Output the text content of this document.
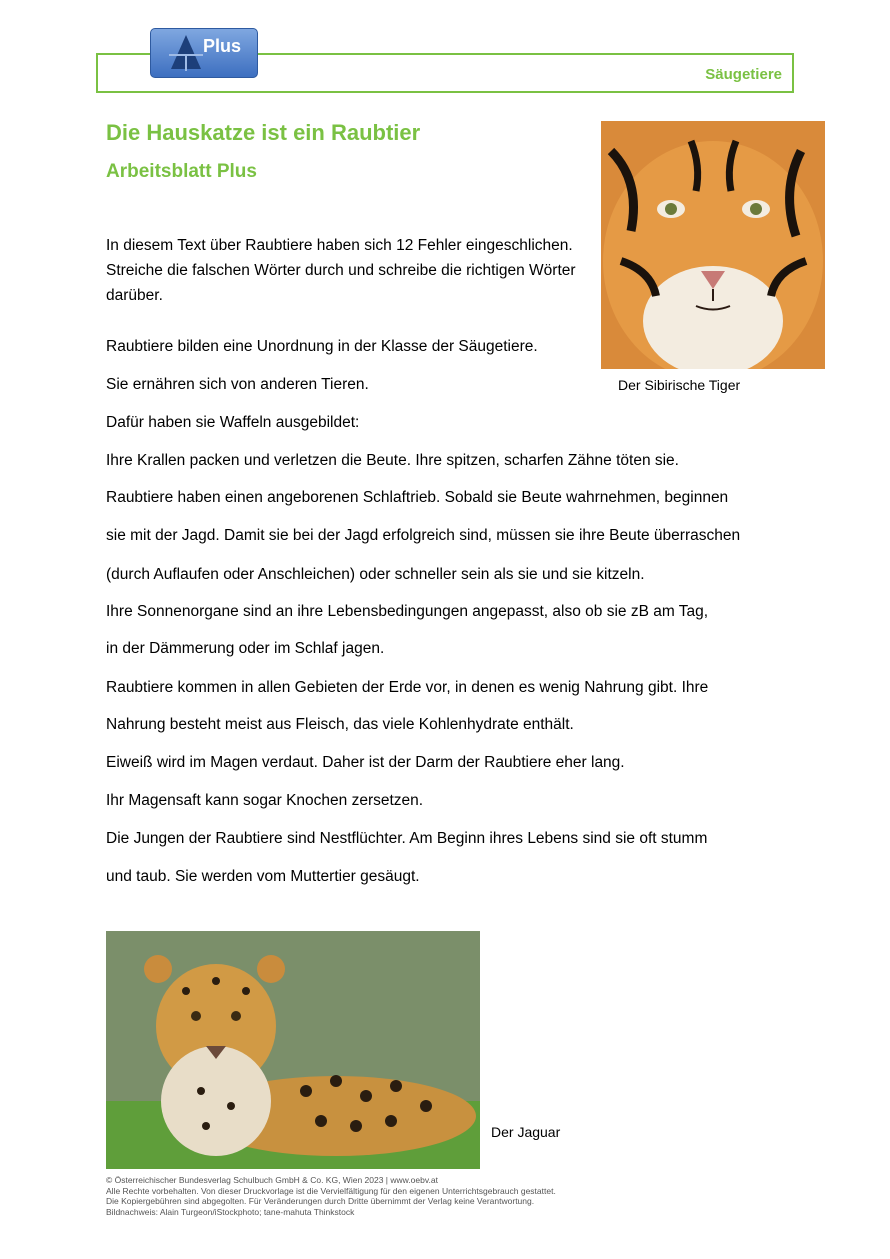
Säugetiere
Plus
Die Hauskatze ist ein Raubtier
Arbeitsblatt Plus
In diesem Text über Raubtiere haben sich 12 Fehler eingeschlichen. Streiche die falschen Wörter durch und schreibe die richtigen Wörter darüber.
Raubtiere bilden eine Unordnung in der Klasse der Säugetiere.
Sie ernähren sich von anderen Tieren.
Dafür haben sie Waffeln ausgebildet:
Ihre Krallen packen und verletzen die Beute. Ihre spitzen, scharfen Zähne töten sie.
Raubtiere haben einen angeborenen Schlaftrieb. Sobald sie Beute wahrnehmen, beginnen
sie mit der Jagd. Damit sie bei der Jagd erfolgreich sind, müssen sie ihre Beute überraschen
(durch Auflaufen oder Anschleichen) oder schneller sein als sie und sie kitzeln.
Ihre Sonnenorgane sind an ihre Lebensbedingungen angepasst, also ob sie zB am Tag,
in der Dämmerung oder im Schlaf jagen.
Raubtiere kommen in allen Gebieten der Erde vor, in denen es wenig Nahrung gibt. Ihre
Nahrung besteht meist aus Fleisch, das viele Kohlenhydrate enthält.
Eiweiß wird im Magen verdaut. Daher ist der Darm der Raubtiere eher lang.
Ihr Magensaft kann sogar Knochen zersetzen.
Die Jungen der Raubtiere sind Nestflüchter. Am Beginn ihres Lebens sind sie oft stumm
und taub. Sie werden vom Muttertier gesäugt.
Der Sibirische Tiger
Der Jaguar
© Österreichischer Bundesverlag Schulbuch GmbH & Co. KG, Wien 2023 | www.oebv.at
Alle Rechte vorbehalten. Von dieser Druckvorlage ist die Vervielfältigung für den eigenen Unterrichtsgebrauch gestattet.
Die Kopiergebühren sind abgegolten. Für Veränderungen durch Dritte übernimmt der Verlag keine Verantwortung.
Bildnachweis: Alain Turgeon/iStockphoto; tane-mahuta Thinkstock
